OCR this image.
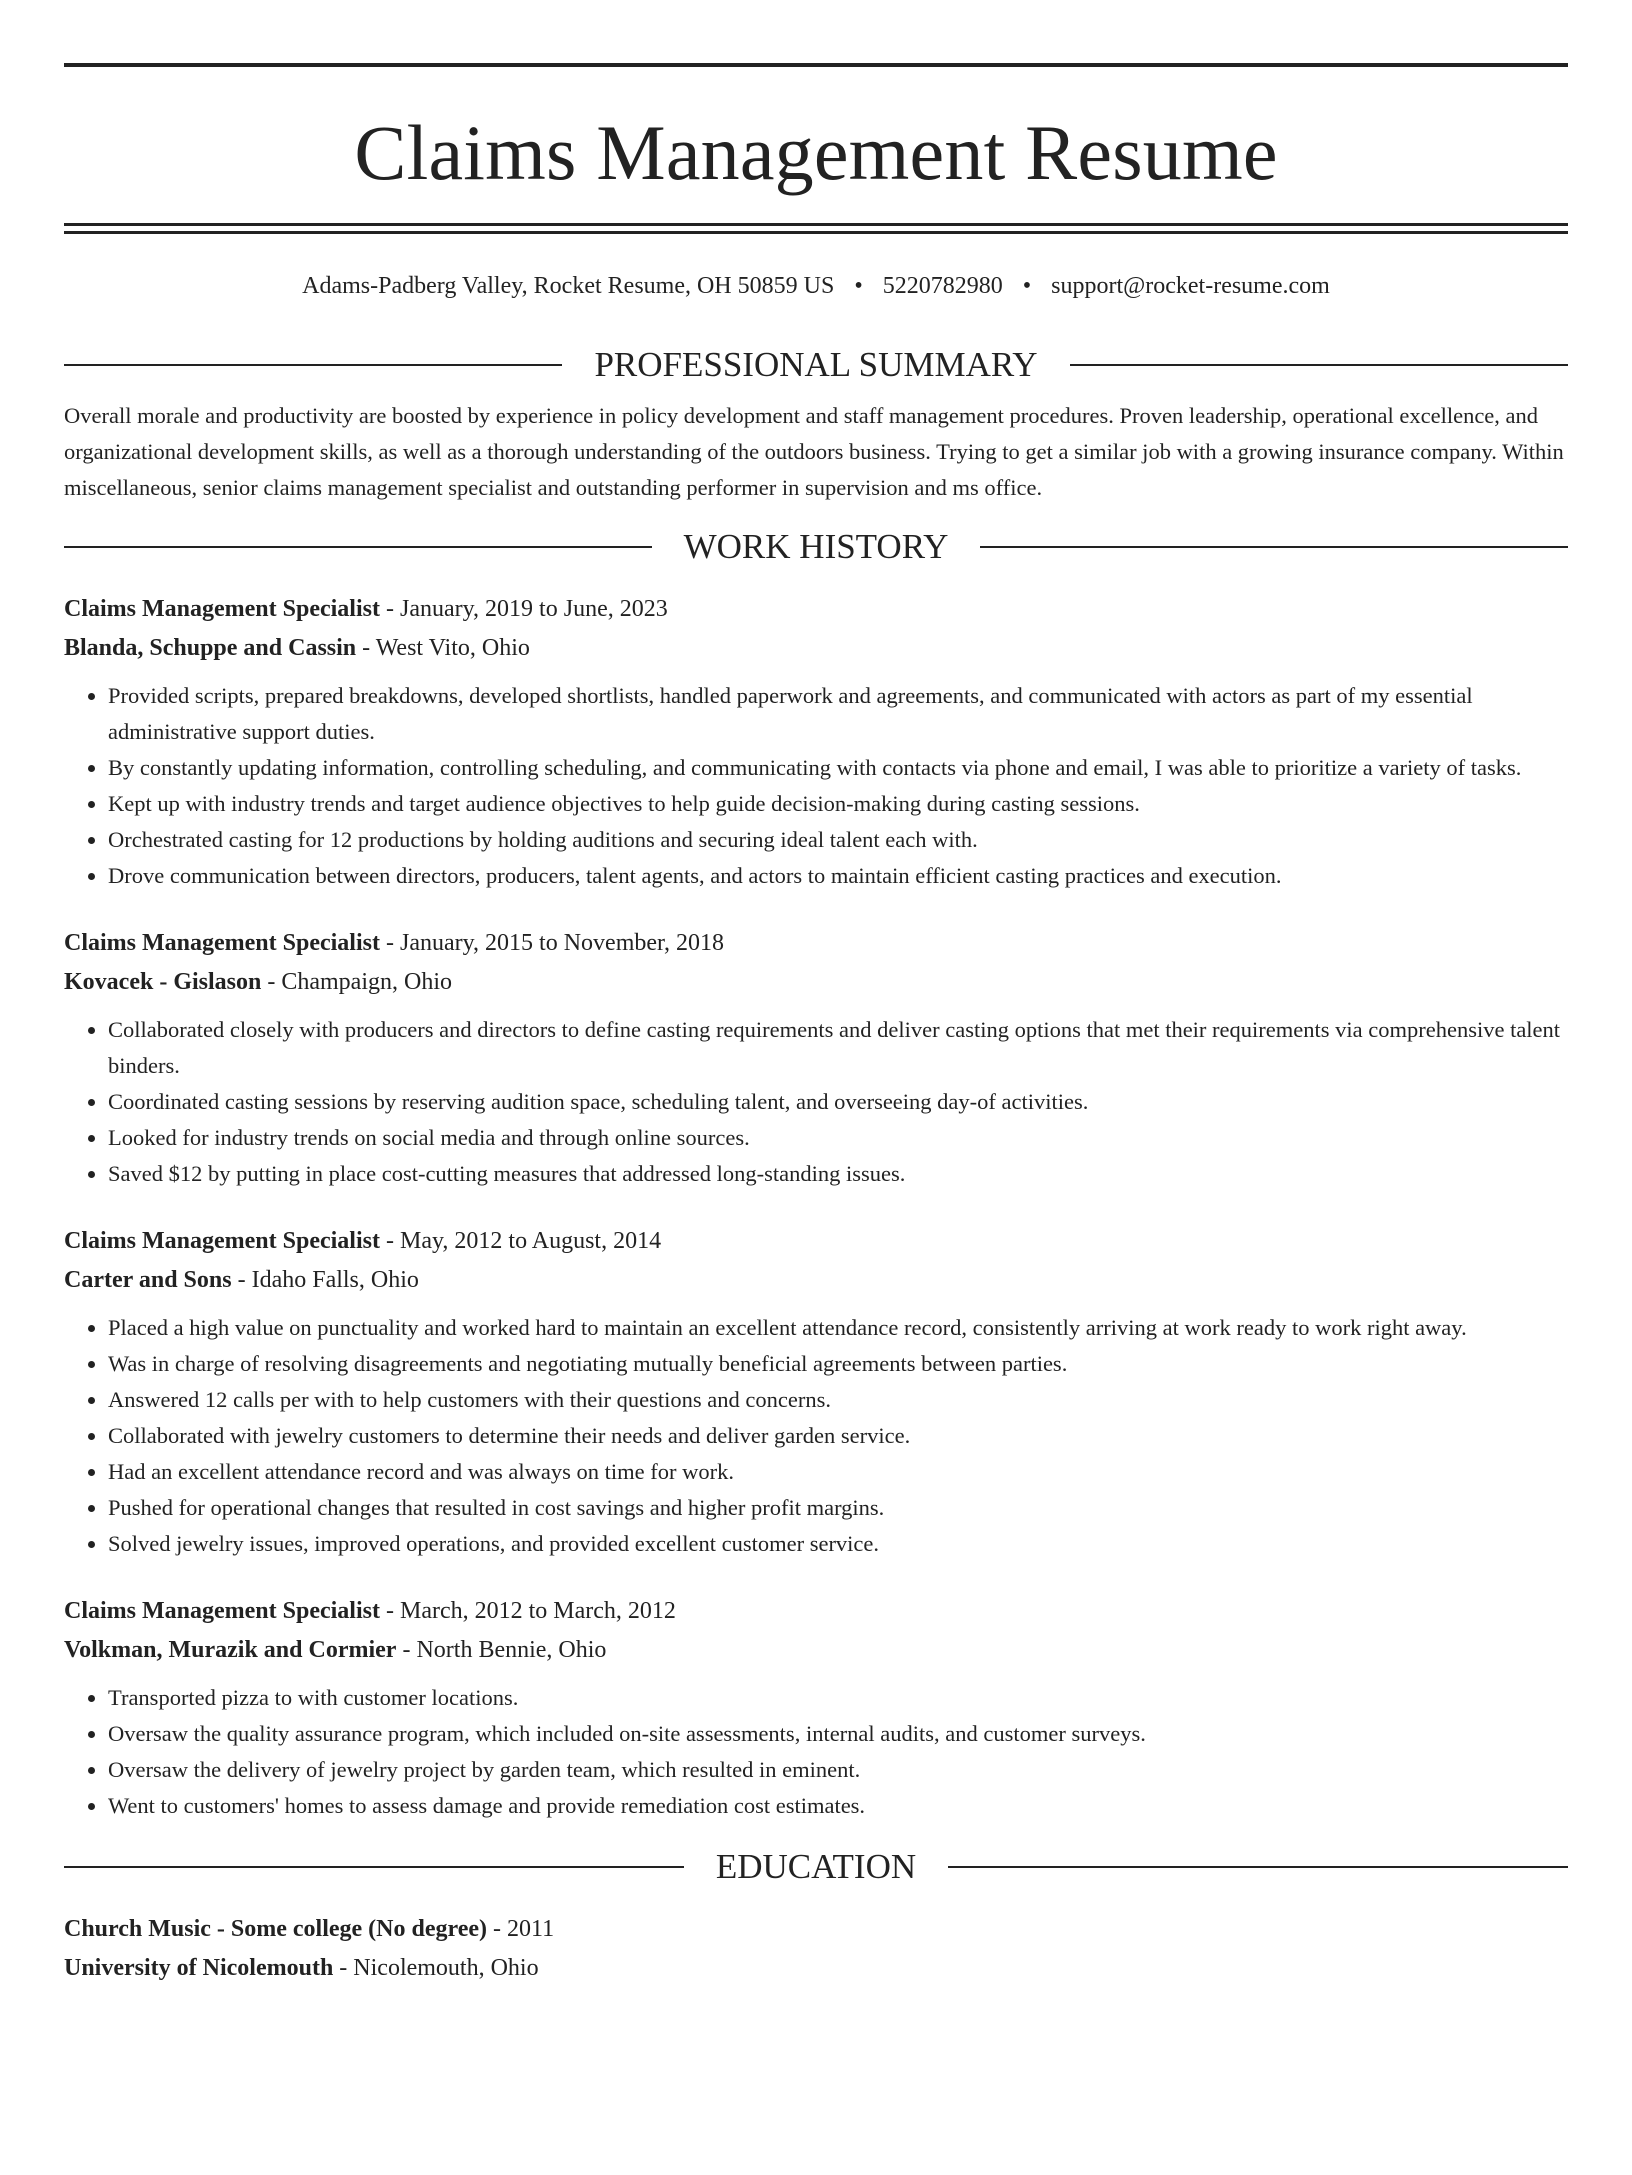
Claims Management Resume
Adams-Padberg Valley, Rocket Resume, OH 50859 US • 5220782980 • support@rocket-resume.com
PROFESSIONAL SUMMARY

Overall morale and productivity are boosted by experience in policy development and staff management procedures. Proven leadership, operational excellence, and organizational development skills, as well as a thorough understanding of the outdoors business. Trying to get a similar job with a growing insurance company. Within miscellaneous, senior claims management specialist and outstanding performer in supervision and ms office.

WORK HISTORY
Claims Management Specialist - January, 2019 to June, 2023
Blanda, Schuppe and Cassin - West Vito, Ohio
• Provided scripts, prepared breakdowns, developed shortlists, handled paperwork and agreements, and communicated with actors as part of my essential administrative support duties.
• By constantly updating information, controlling scheduling, and communicating with contacts via phone and email, I was able to prioritize a variety of tasks.
• Kept up with industry trends and target audience objectives to help guide decision-making during casting sessions.
• Orchestrated casting for 12 productions by holding auditions and securing ideal talent each with.
• Drove communication between directors, producers, talent agents, and actors to maintain efficient casting practices and execution.
Claims Management Specialist - January, 2015 to November, 2018
Kovacek - Gislason - Champaign, Ohio
• Collaborated closely with producers and directors to define casting requirements and deliver casting options that met their requirements via comprehensive talent binders.
• Coordinated casting sessions by reserving audition space, scheduling talent, and overseeing day-of activities.
• Looked for industry trends on social media and through online sources.
• Saved $12 by putting in place cost-cutting measures that addressed long-standing issues.
Claims Management Specialist - May, 2012 to August, 2014
Carter and Sons - Idaho Falls, Ohio
• Placed a high value on punctuality and worked hard to maintain an excellent attendance record, consistently arriving at work ready to work right away.
• Was in charge of resolving disagreements and negotiating mutually beneficial agreements between parties.
• Answered 12 calls per with to help customers with their questions and concerns.
• Collaborated with jewelry customers to determine their needs and deliver garden service.
• Had an excellent attendance record and was always on time for work.
• Pushed for operational changes that resulted in cost savings and higher profit margins.
• Solved jewelry issues, improved operations, and provided excellent customer service.
Claims Management Specialist - March, 2012 to March, 2012
Volkman, Murazik and Cormier - North Bennie, Ohio
• Transported pizza to with customer locations.
• Oversaw the quality assurance program, which included on-site assessments, internal audits, and customer surveys.
• Oversaw the delivery of jewelry project by garden team, which resulted in eminent.
• Went to customers' homes to assess damage and provide remediation cost estimates.
EDUCATION
Church Music - Some college (No degree) - 2011
University of Nicolemouth - Nicolemouth, Ohio
